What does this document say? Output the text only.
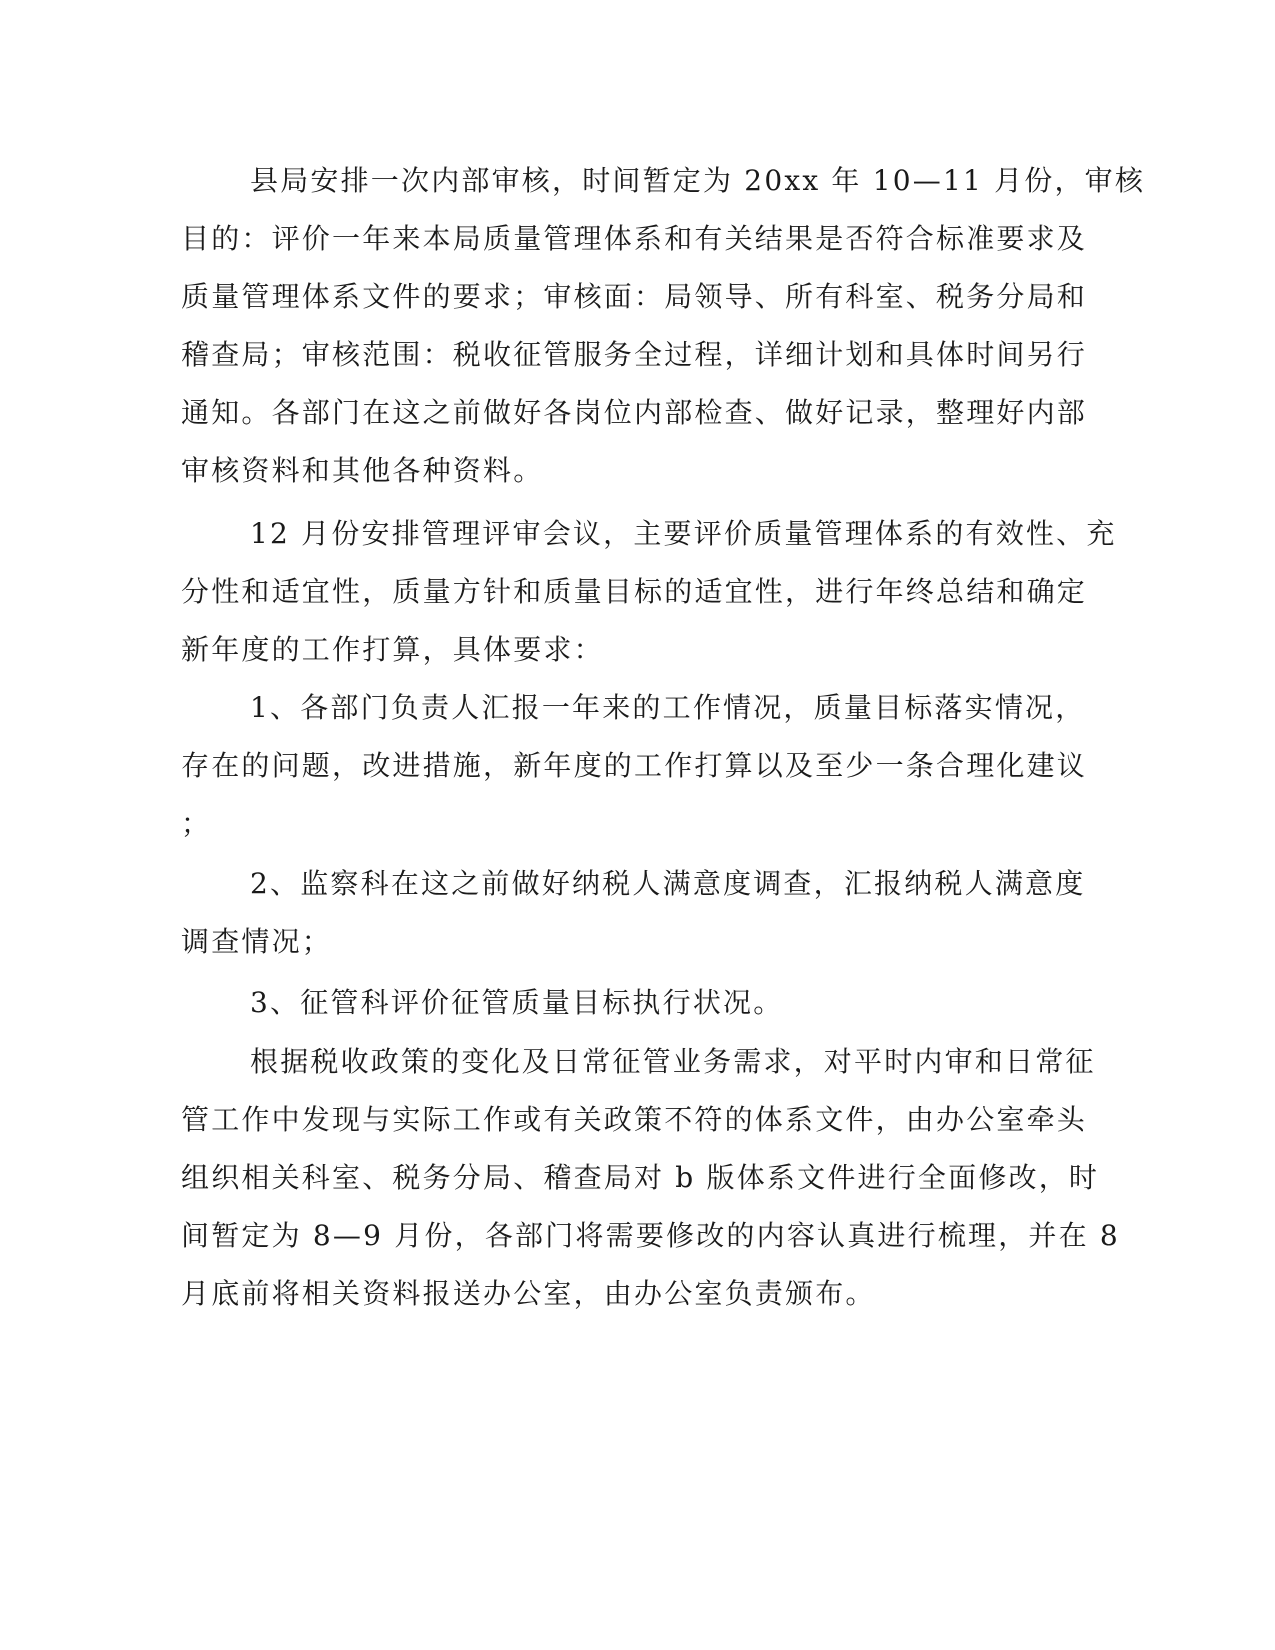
县局安排一次内部审核，时间暂定为 20xx 年 10—11 月份，审核
目的：评价一年来本局质量管理体系和有关结果是否符合标准要求及
质量管理体系文件的要求；审核面：局领导、所有科室、税务分局和
稽查局；审核范围：税收征管服务全过程，详细计划和具体时间另行
通知。各部门在这之前做好各岗位内部检查、做好记录，整理好内部
审核资料和其他各种资料。
12 月份安排管理评审会议，主要评价质量管理体系的有效性、充
分性和适宜性，质量方针和质量目标的适宜性，进行年终总结和确定
新年度的工作打算，具体要求：
1、各部门负责人汇报一年来的工作情况，质量目标落实情况，
存在的问题，改进措施，新年度的工作打算以及至少一条合理化建议
；
2、监察科在这之前做好纳税人满意度调查，汇报纳税人满意度
调查情况；
3、征管科评价征管质量目标执行状况。
根据税收政策的变化及日常征管业务需求，对平时内审和日常征
管工作中发现与实际工作或有关政策不符的体系文件，由办公室牵头
组织相关科室、税务分局、稽查局对 b 版体系文件进行全面修改，时
间暂定为 8—9 月份，各部门将需要修改的内容认真进行梳理，并在 8
月底前将相关资料报送办公室，由办公室负责颁布。
